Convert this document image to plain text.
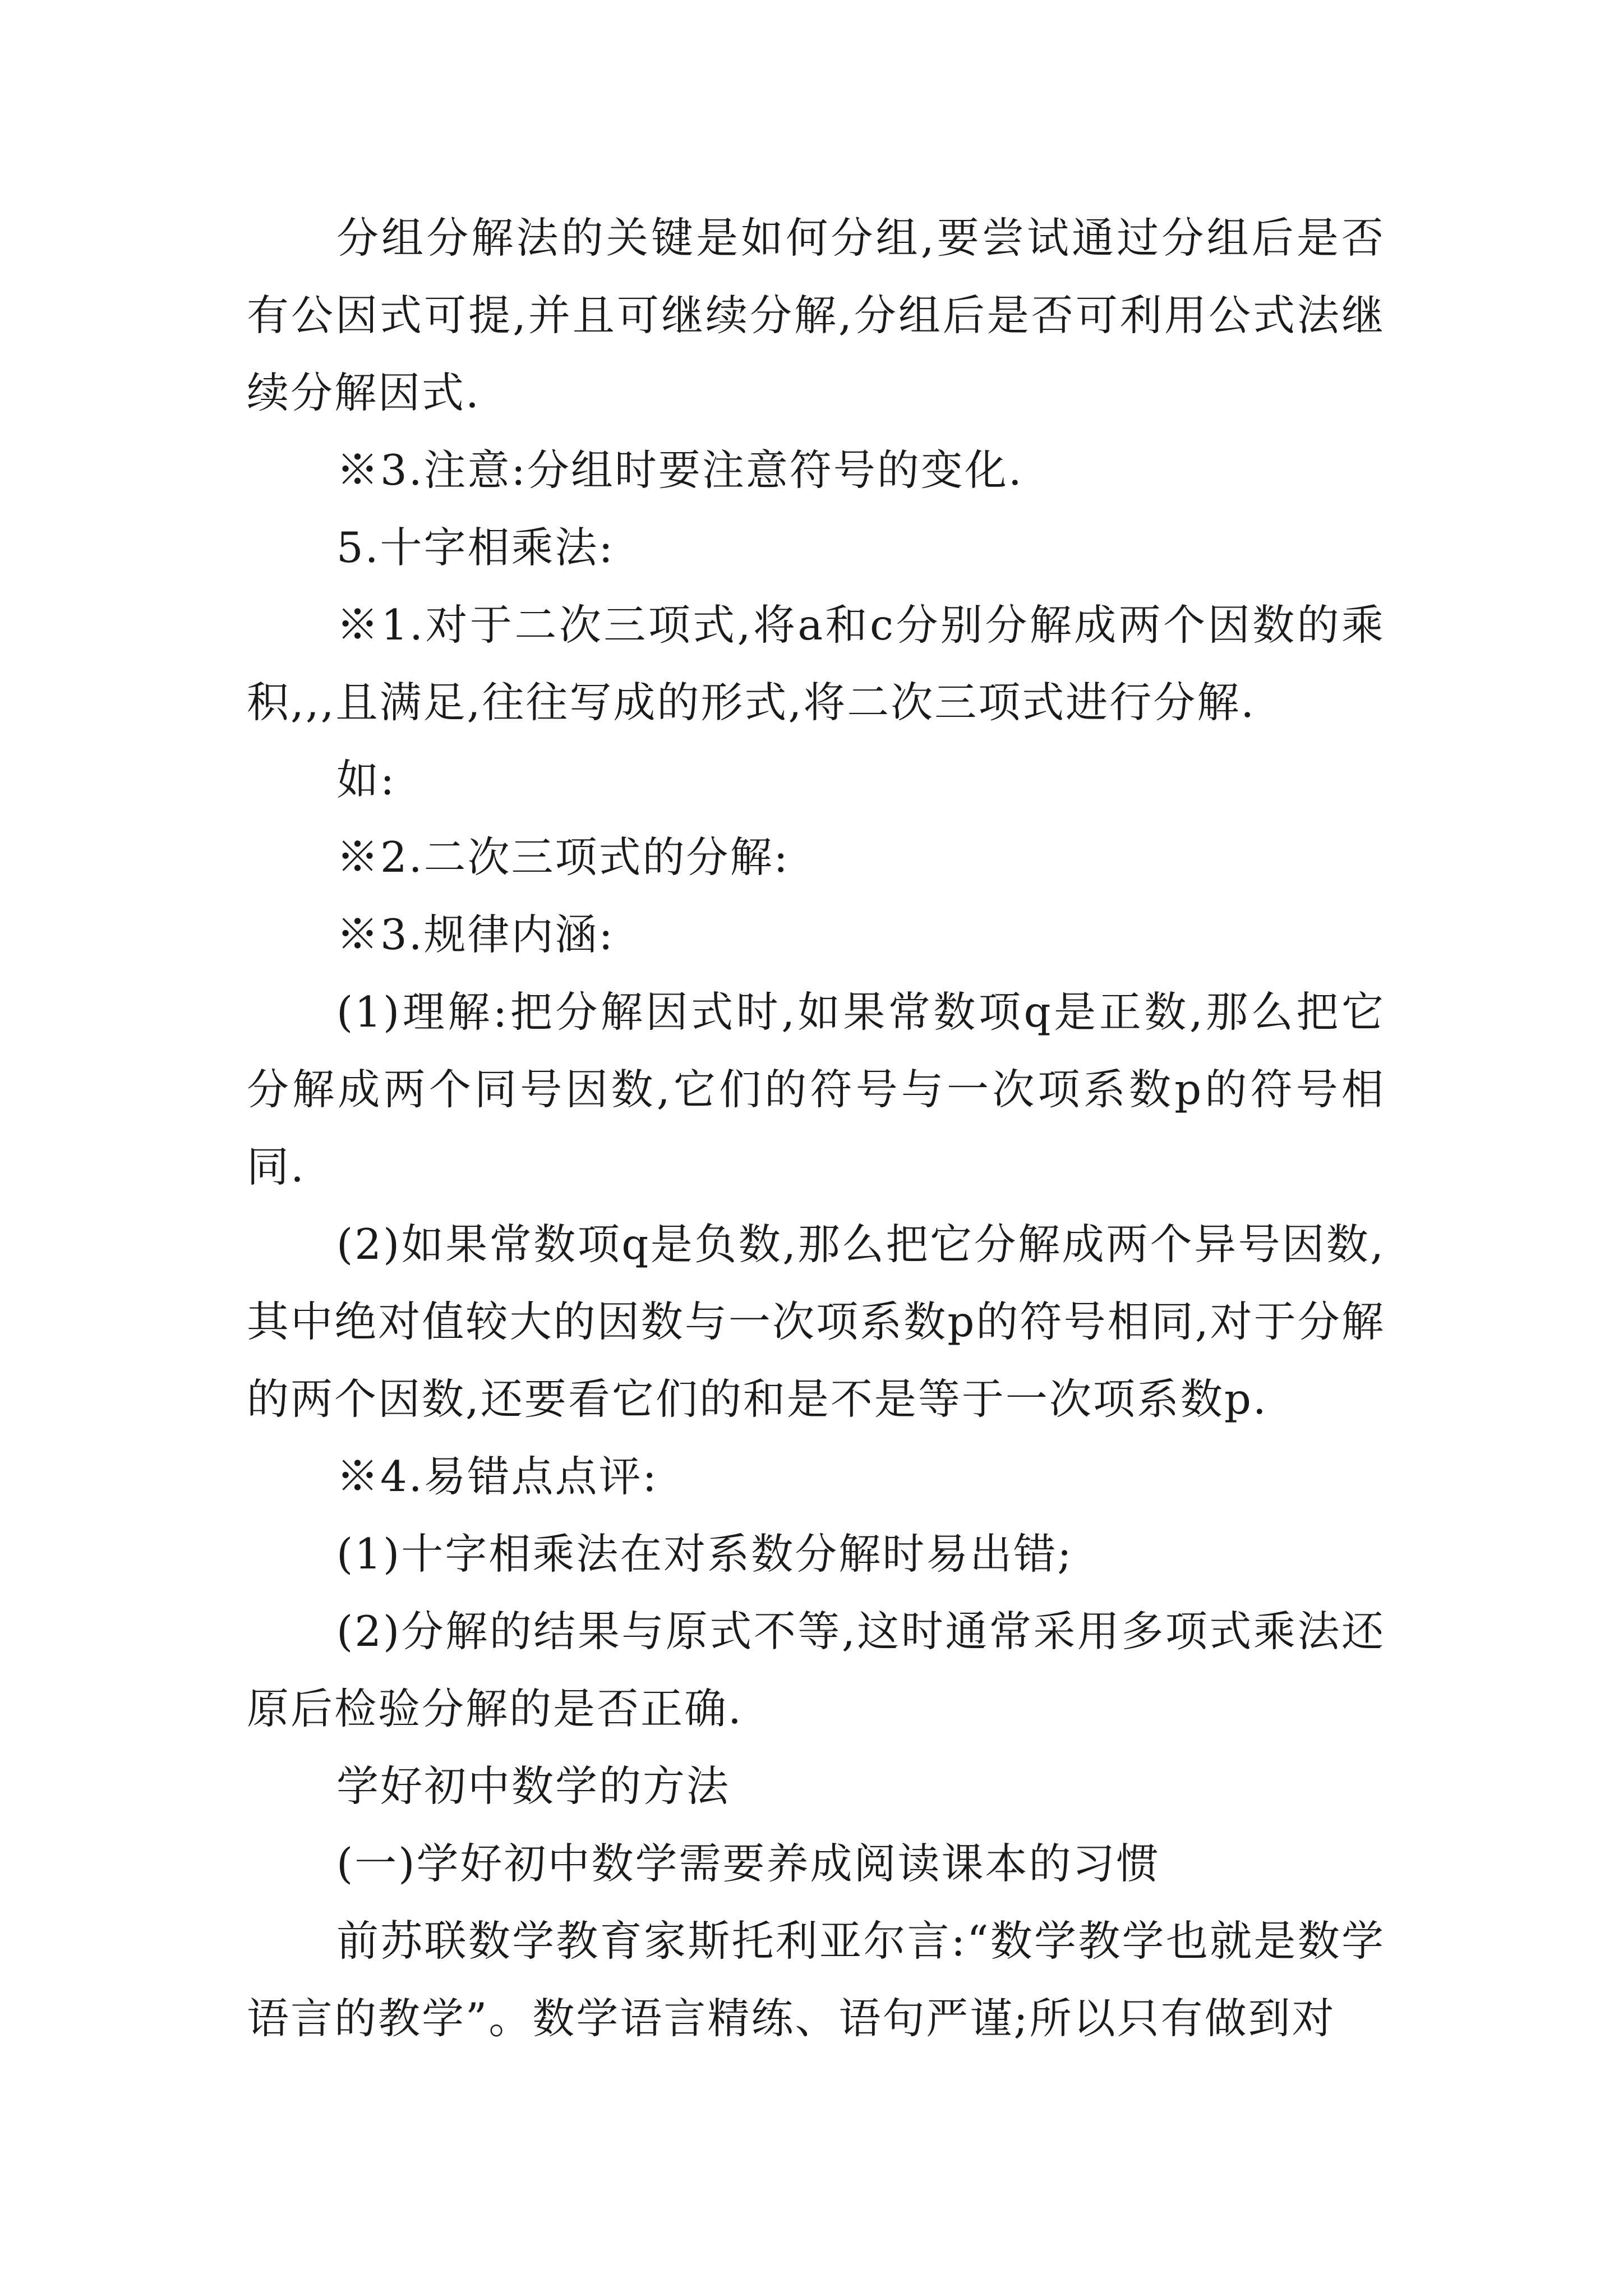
分组分解法的关键是如何分组,要尝试通过分组后是否有公因式可提,并且可继续分解,分组后是否可利用公式法继续分解因式.

※3.注意:分组时要注意符号的变化.

5.十字相乘法:

※1.对于二次三项式,将a和c分别分解成两个因数的乘积,,,且满足,往往写成的形式,将二次三项式进行分解.

如:

※2.二次三项式的分解:

※3.规律内涵:

(1)理解:把分解因式时,如果常数项q是正数,那么把它分解成两个同号因数,它们的符号与一次项系数p的符号相同.

(2)如果常数项q是负数,那么把它分解成两个异号因数,其中绝对值较大的因数与一次项系数p的符号相同,对于分解的两个因数,还要看它们的和是不是等于一次项系数p.

※4.易错点点评:

(1)十字相乘法在对系数分解时易出错;

(2)分解的结果与原式不等,这时通常采用多项式乘法还原后检验分解的是否正确.

学好初中数学的方法

(一)学好初中数学需要养成阅读课本的习惯

前苏联数学教育家斯托利亚尔言:“数学教学也就是数学语言的教学”。数学语言精练、语句严谨;所以只有做到对
